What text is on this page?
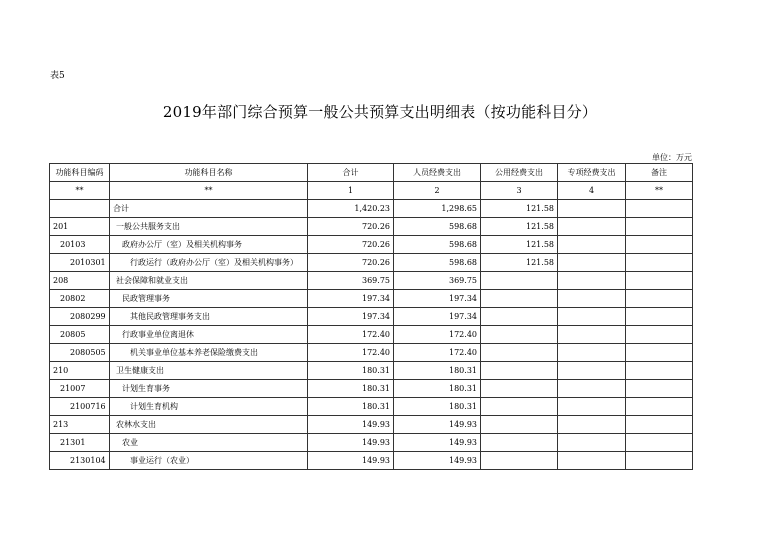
表5
2019年部门综合预算一般公共预算支出明细表（按功能科目分）
单位：万元
功能科目编码	功能科目名称	合计	人员经费支出	公用经费支出	专项经费支出	备注
**	**	1	2	3	4	**
	合计	1,420.23	1,298.65	121.58		
201	一般公共服务支出	720.26	598.68	121.58		
20103	政府办公厅（室）及相关机构事务	720.26	598.68	121.58		
2010301	行政运行（政府办公厅（室）及相关机构事务）	720.26	598.68	121.58		
208	社会保障和就业支出	369.75	369.75			
20802	民政管理事务	197.34	197.34			
2080299	其他民政管理事务支出	197.34	197.34			
20805	行政事业单位离退休	172.40	172.40			
2080505	机关事业单位基本养老保险缴费支出	172.40	172.40			
210	卫生健康支出	180.31	180.31			
21007	计划生育事务	180.31	180.31			
2100716	计划生育机构	180.31	180.31			
213	农林水支出	149.93	149.93			
21301	农业	149.93	149.93			
2130104	事业运行（农业）	149.93	149.93			
